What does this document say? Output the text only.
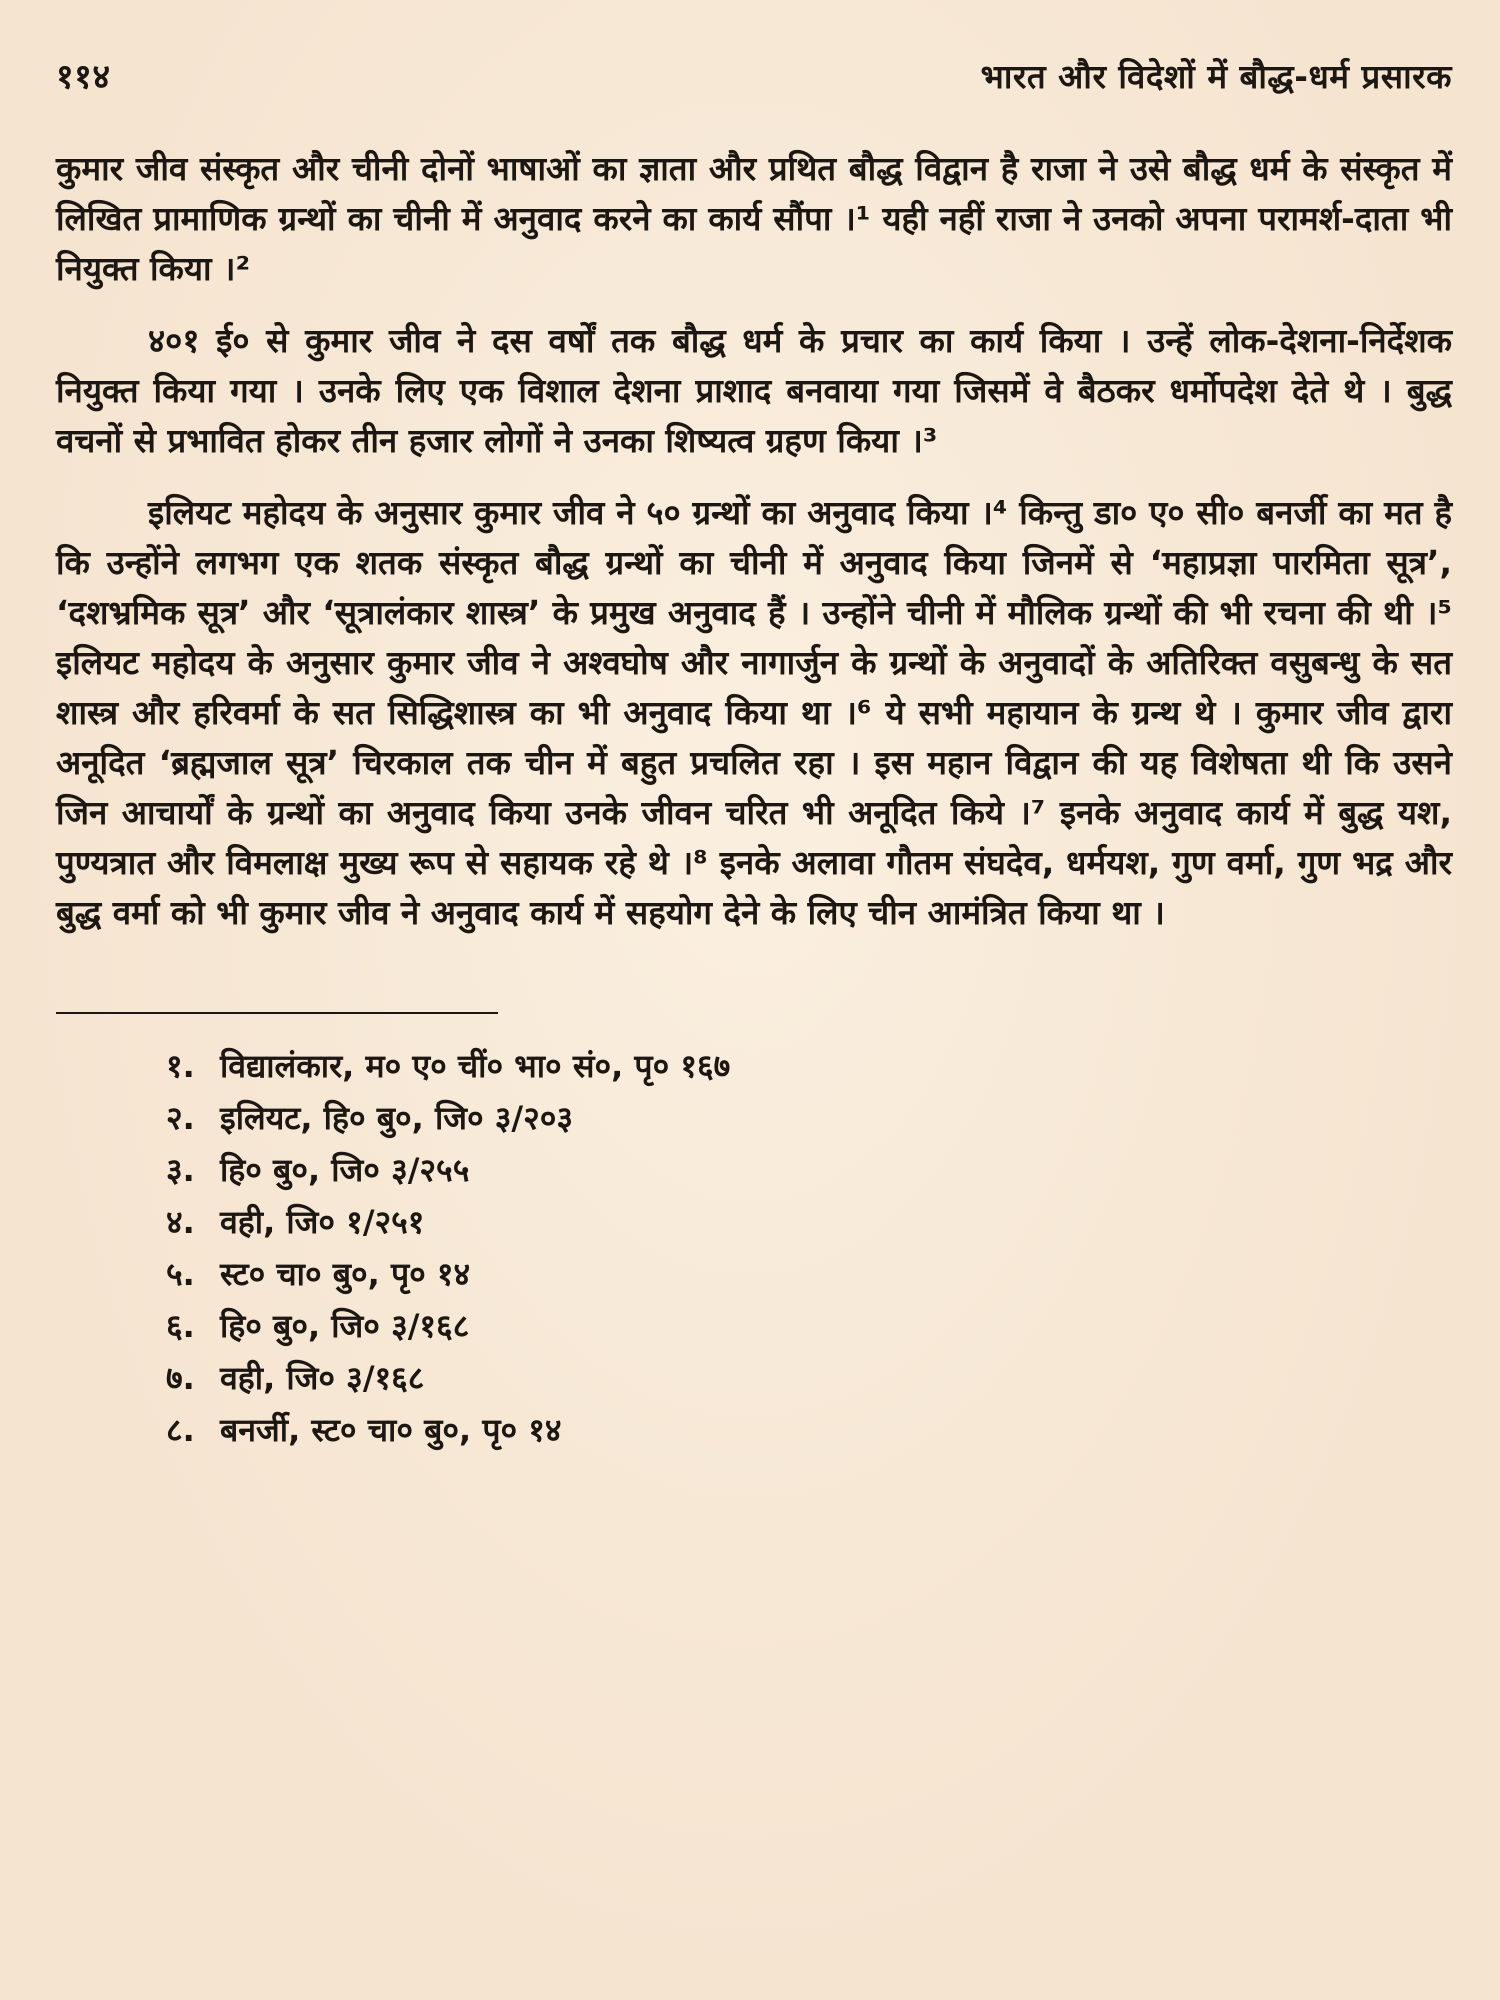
११४	भारत और विदेशों में बौद्ध-धर्म प्रसारक

कुमार जीव संस्कृत और चीनी दोनों भाषाओं का ज्ञाता और प्रथित बौद्ध विद्वान है राजा ने उसे बौद्ध धर्म के संस्कृत में लिखित प्रामाणिक ग्रन्थों का चीनी में अनुवाद करने का कार्य सौंपा ।¹ यही नहीं राजा ने उनको अपना परामर्श-दाता भी नियुक्त किया ।²

४०१ ई० से कुमार जीव ने दस वर्षों तक बौद्ध धर्म के प्रचार का कार्य किया । उन्हें लोक-देशना-निर्देशक नियुक्त किया गया । उनके लिए एक विशाल देशना प्राशाद बनवाया गया जिसमें वे बैठकर धर्मोपदेश देते थे । बुद्ध वचनों से प्रभावित होकर तीन हजार लोगों ने उनका शिष्यत्व ग्रहण किया ।³

इलियट महोदय के अनुसार कुमार जीव ने ५० ग्रन्थों का अनुवाद किया ।⁴ किन्तु डा० ए० सी० बनर्जी का मत है कि उन्होंने लगभग एक शतक संस्कृत बौद्ध ग्रन्थों का चीनी में अनुवाद किया जिनमें से ‘महाप्रज्ञा पारमिता सूत्र’, ‘दशभ्रमिक सूत्र’ और ‘सूत्रालंकार शास्त्र’ के प्रमुख अनुवाद हैं । उन्होंने चीनी में मौलिक ग्रन्थों की भी रचना की थी ।⁵ इलियट महोदय के अनुसार कुमार जीव ने अश्वघोष और नागार्जुन के ग्रन्थों के अनुवादों के अतिरिक्त वसुबन्धु के सत शास्त्र और हरिवर्मा के सत सिद्धिशास्त्र का भी अनुवाद किया था ।⁶ ये सभी महायान के ग्रन्थ थे । कुमार जीव द्वारा अनूदित ‘ब्रह्मजाल सूत्र’ चिरकाल तक चीन में बहुत प्रचलित रहा । इस महान विद्वान की यह विशेषता थी कि उसने जिन आचार्यों के ग्रन्थों का अनुवाद किया उनके जीवन चरित भी अनूदित किये ।⁷ इनके अनुवाद कार्य में बुद्ध यश, पुण्यत्रात और विमलाक्ष मुख्य रूप से सहायक रहे थे ।⁸ इनके अलावा गौतम संघदेव, धर्मयश, गुण वर्मा, गुण भद्र और बुद्ध वर्मा को भी कुमार जीव ने अनुवाद कार्य में सहयोग देने के लिए चीन आमंत्रित किया था ।

१. विद्यालंकार, म० ए० चीं० भा० सं०, पृ० १६७
२. इलियट, हि० बु०, जि० ३/२०३
३. हि० बु०, जि० ३/२५५
४. वही, जि० १/२५१
५. स्ट० चा० बु०, पृ० १४
६. हि० बु०, जि० ३/१६८
७. वही, जि० ३/१६८
८. बनर्जी, स्ट० चा० बु०, पृ० १४
